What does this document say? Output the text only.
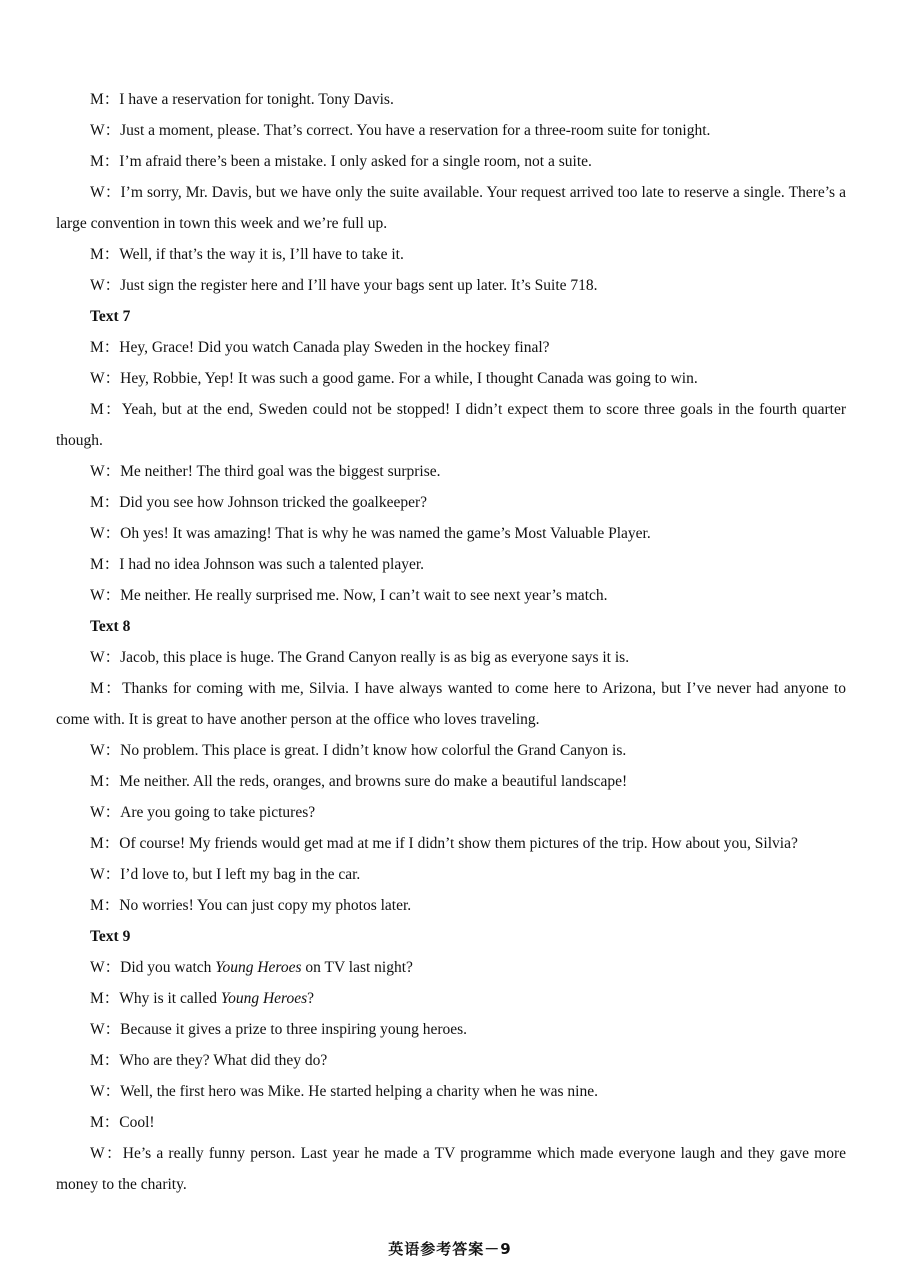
M：I have a reservation for tonight. Tony Davis.

W：Just a moment, please. That’s correct. You have a reservation for a three-room suite for tonight.

M：I’m afraid there’s been a mistake. I only asked for a single room, not a suite.

W：I’m sorry, Mr. Davis, but we have only the suite available. Your request arrived too late to reserve a single. There’s a large convention in town this week and we’re full up.

M：Well, if that’s the way it is, I’ll have to take it.

W：Just sign the register here and I’ll have your bags sent up later. It’s Suite 718.

Text 7

M：Hey, Grace! Did you watch Canada play Sweden in the hockey final?

W：Hey, Robbie, Yep! It was such a good game. For a while, I thought Canada was going to win.

M：Yeah, but at the end, Sweden could not be stopped! I didn’t expect them to score three goals in the fourth quarter though.

W：Me neither! The third goal was the biggest surprise.

M：Did you see how Johnson tricked the goalkeeper?

W：Oh yes! It was amazing! That is why he was named the game’s Most Valuable Player.

M：I had no idea Johnson was such a talented player.

W：Me neither. He really surprised me. Now, I can’t wait to see next year’s match.

Text 8

W：Jacob, this place is huge. The Grand Canyon really is as big as everyone says it is.

M：Thanks for coming with me, Silvia. I have always wanted to come here to Arizona, but I’ve never had anyone to come with. It is great to have another person at the office who loves traveling.

W：No problem. This place is great. I didn’t know how colorful the Grand Canyon is.

M：Me neither. All the reds, oranges, and browns sure do make a beautiful landscape!

W：Are you going to take pictures?

M：Of course! My friends would get mad at me if I didn’t show them pictures of the trip. How about you, Silvia?

W：I’d love to, but I left my bag in the car.

M：No worries! You can just copy my photos later.

Text 9

W：Did you watch Young Heroes on TV last night?

M：Why is it called Young Heroes?

W：Because it gives a prize to three inspiring young heroes.

M：Who are they? What did they do?

W：Well, the first hero was Mike. He started helping a charity when he was nine.

M：Cool!

W：He’s a really funny person. Last year he made a TV programme which made everyone laugh and they gave more money to the charity.

英语参考答案－9
